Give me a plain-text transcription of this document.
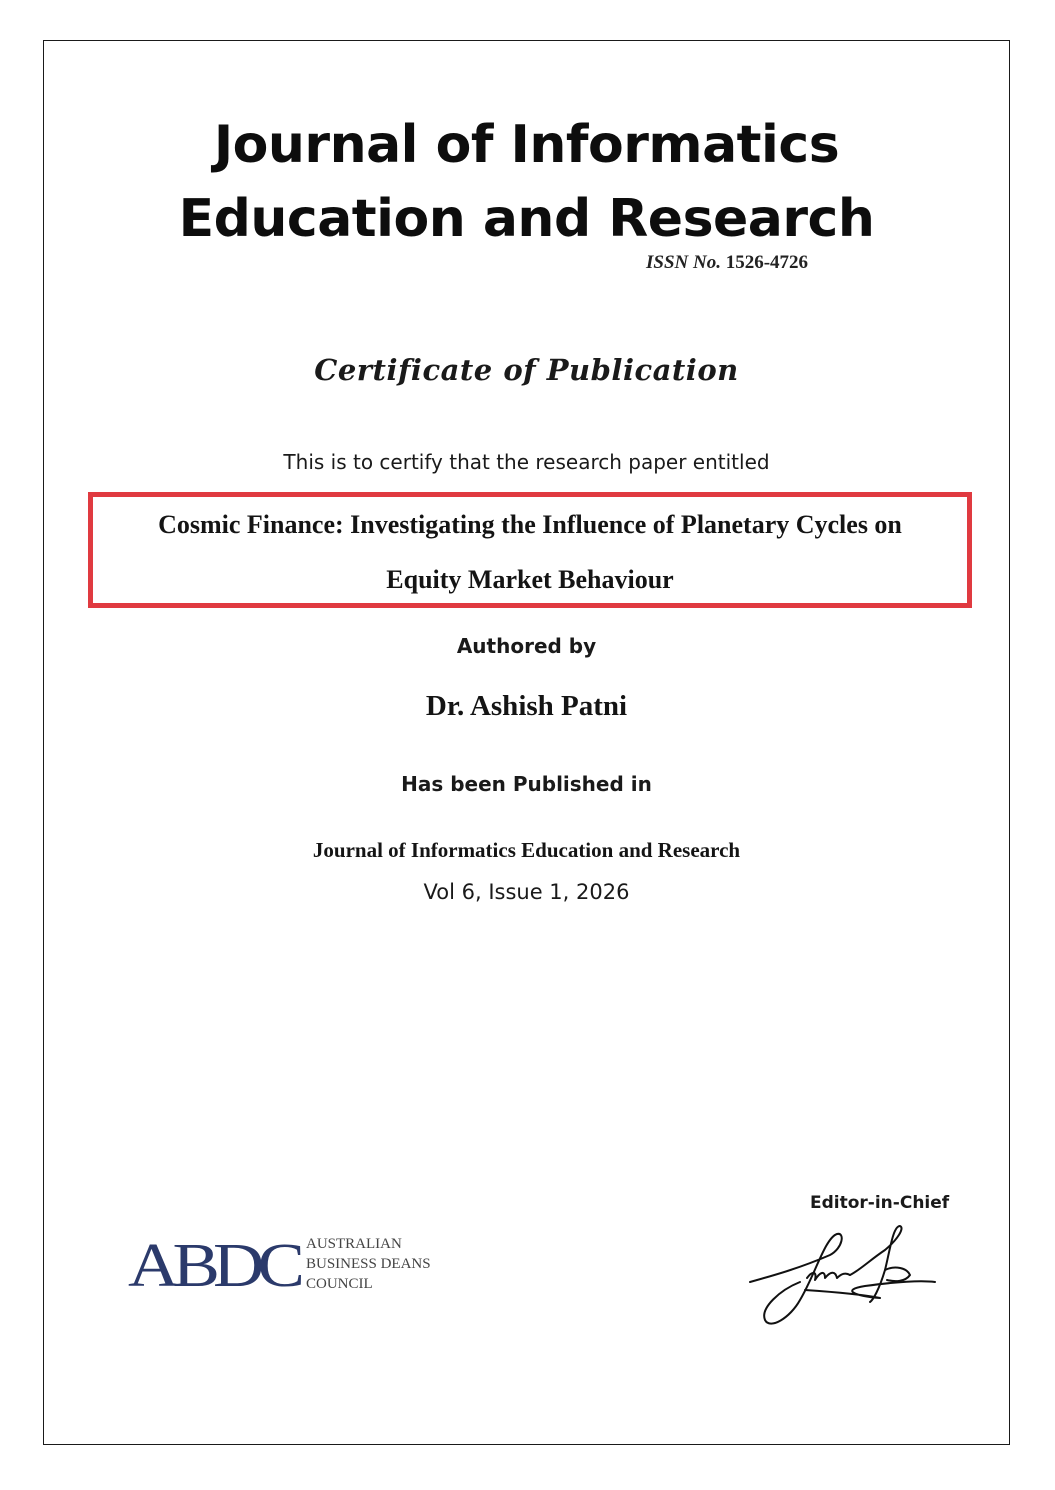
Journal of Informatics
Education and Research
ISSN No. 1526-4726
Certificate of Publication
This is to certify that the research paper entitled
Cosmic Finance: Investigating the Influence of Planetary Cycles on
Equity Market Behaviour
Authored by
Dr. Ashish Patni
Has been Published in
Journal of Informatics Education and Research
Vol 6, Issue 1, 2026
ABDC AUSTRALIAN
BUSINESS DEANS
COUNCIL
Editor-in-Chief
